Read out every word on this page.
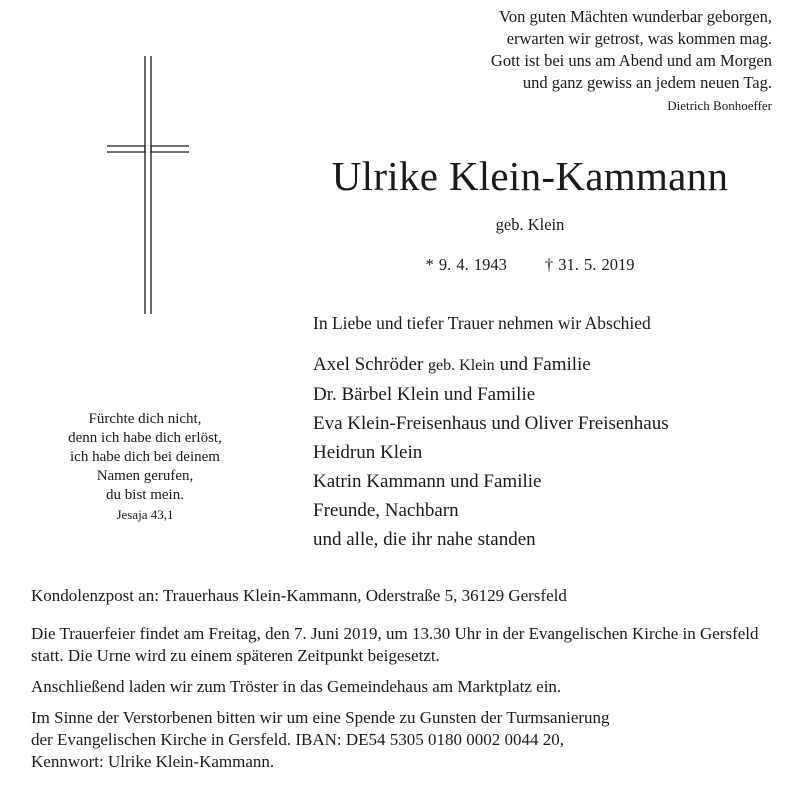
Von guten Mächten wunderbar geborgen,
erwarten wir getrost, was kommen mag.
Gott ist bei uns am Abend und am Morgen
und ganz gewiss an jedem neuen Tag.
Dietrich Bonhoeffer
Ulrike Klein-Kammann
geb. Klein
* 9. 4. 1943 † 31. 5. 2019
In Liebe und tiefer Trauer nehmen wir Abschied
Axel Schröder geb. Klein und Familie
Dr. Bärbel Klein und Familie
Eva Klein-Freisenhaus und Oliver Freisenhaus
Heidrun Klein
Katrin Kammann und Familie
Freunde, Nachbarn
und alle, die ihr nahe standen
Fürchte dich nicht,
denn ich habe dich erlöst,
ich habe dich bei deinem
Namen gerufen,
du bist mein.
Jesaja 43,1

Kondolenzpost an: Trauerhaus Klein-Kammann, Oderstraße 5, 36129 Gersfeld

Die Trauerfeier findet am Freitag, den 7. Juni 2019, um 13.30 Uhr in der Evangelischen Kirche in Gersfeld statt. Die Urne wird zu einem späteren Zeitpunkt beigesetzt.

Anschließend laden wir zum Tröster in das Gemeindehaus am Marktplatz ein.

Im Sinne der Verstorbenen bitten wir um eine Spende zu Gunsten der Turmsanierung
der Evangelischen Kirche in Gersfeld. IBAN: DE54 5305 0180 0002 0044 20,
Kennwort: Ulrike Klein-Kammann.
